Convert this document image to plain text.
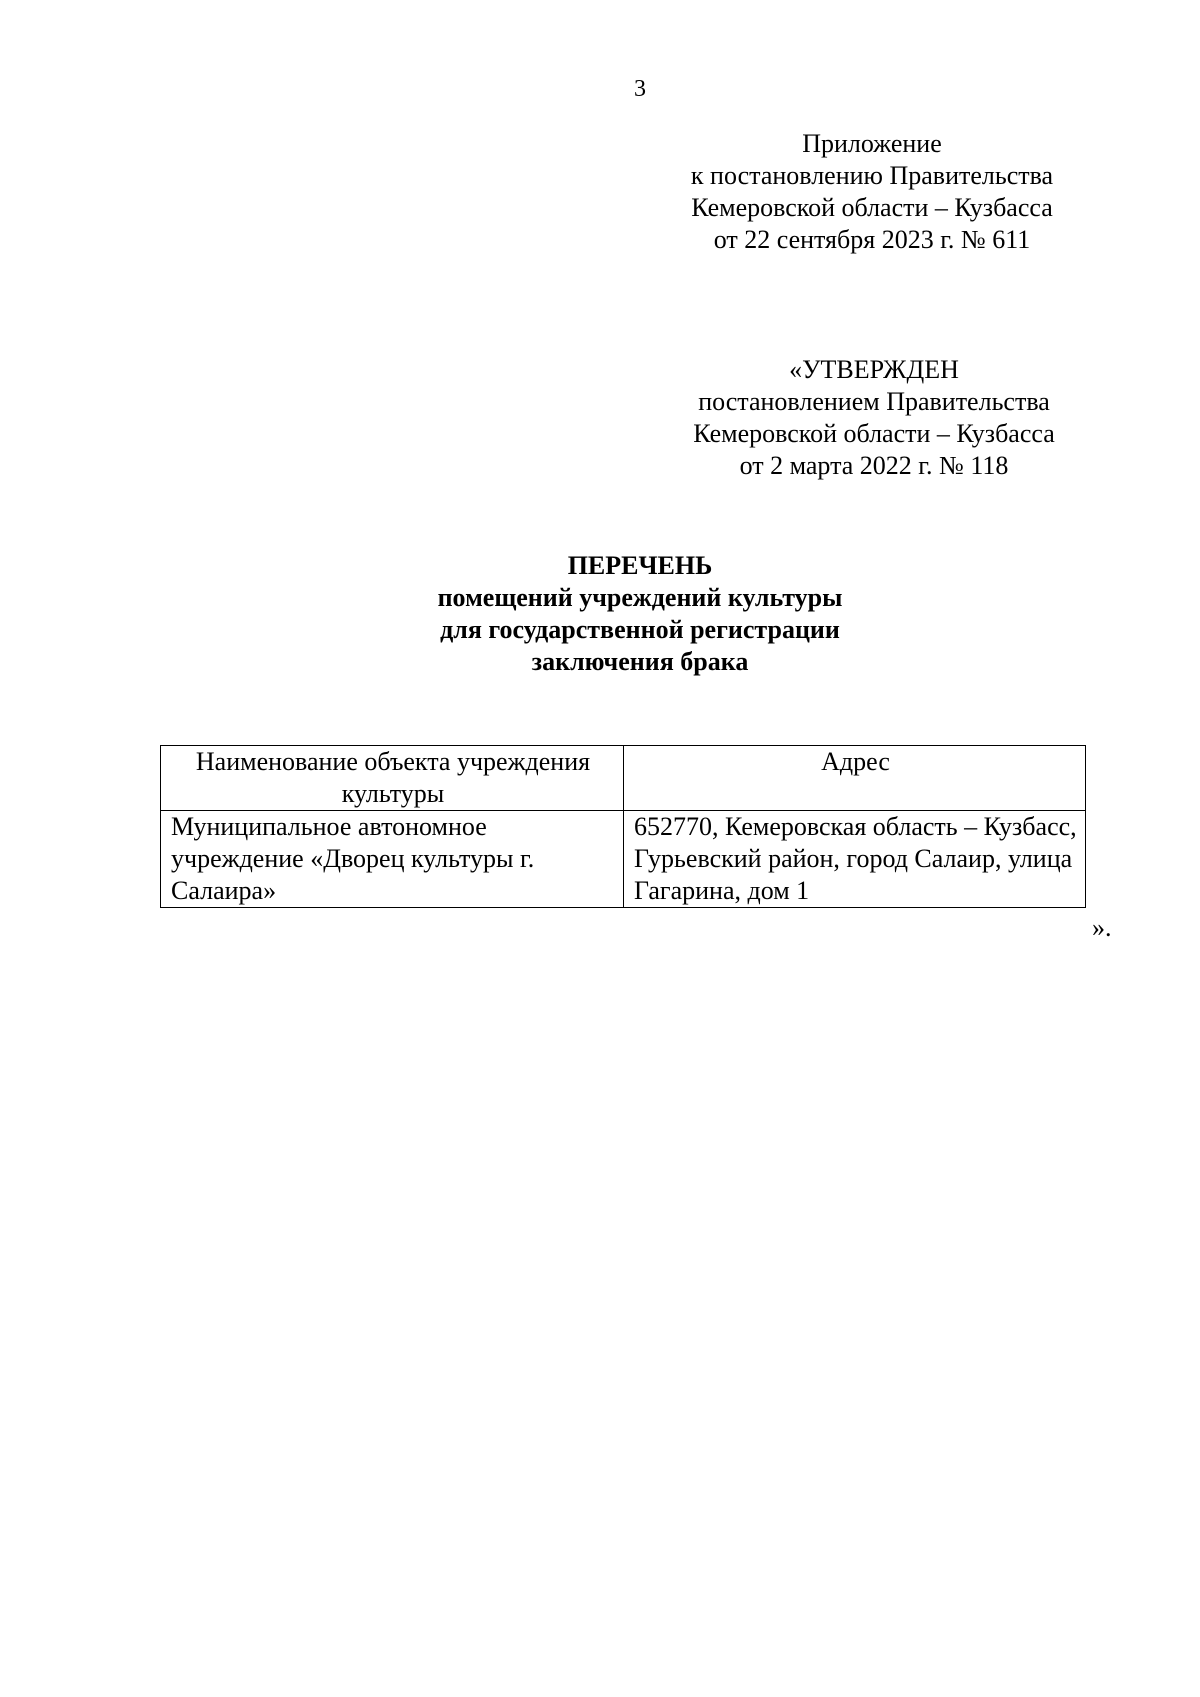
3
Приложение
к постановлению Правительства
Кемеровской области – Кузбасса
от 22 сентября 2023 г. № 611
«УТВЕРЖДЕН
постановлением Правительства
Кемеровской области – Кузбасса
от 2 марта 2022 г. № 118
ПЕРЕЧЕНЬ
помещений учреждений культуры
для государственной регистрации
заключения брака
Наименование объекта учреждения культуры	Адрес
Муниципальное автономное учреждение «Дворец культуры г. Салаира»	652770, Кемеровская область – Кузбасс, Гурьевский район, город Салаир, улица Гагарина, дом 1
».
